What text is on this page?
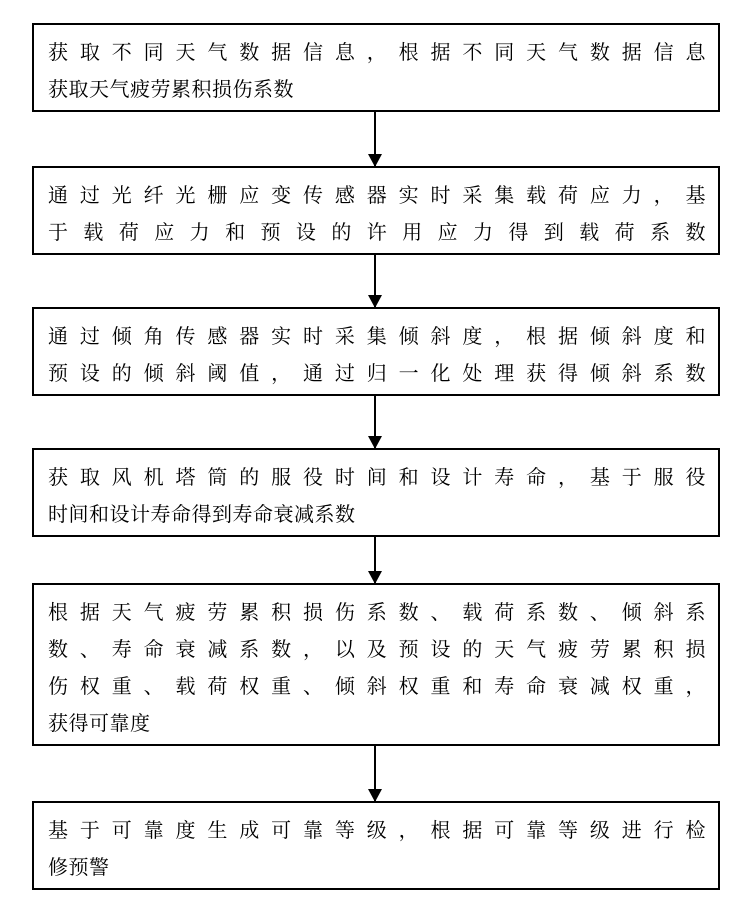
获取不同天气数据信息，根据不同天气数据信息
获取天气疲劳累积损伤系数
通过光纤光栅应变传感器实时采集载荷应力，基
于载荷应力和预设的许用应力得到载荷系数
通过倾角传感器实时采集倾斜度，根据倾斜度和
预设的倾斜阈值，通过归一化处理获得倾斜系数
获取风机塔筒的服役时间和设计寿命，基于服役
时间和设计寿命得到寿命衰减系数
根据天气疲劳累积损伤系数、载荷系数、倾斜系
数、寿命衰减系数，以及预设的天气疲劳累积损
伤权重、载荷权重、倾斜权重和寿命衰减权重，
获得可靠度
基于可靠度生成可靠等级，根据可靠等级进行检
修预警
